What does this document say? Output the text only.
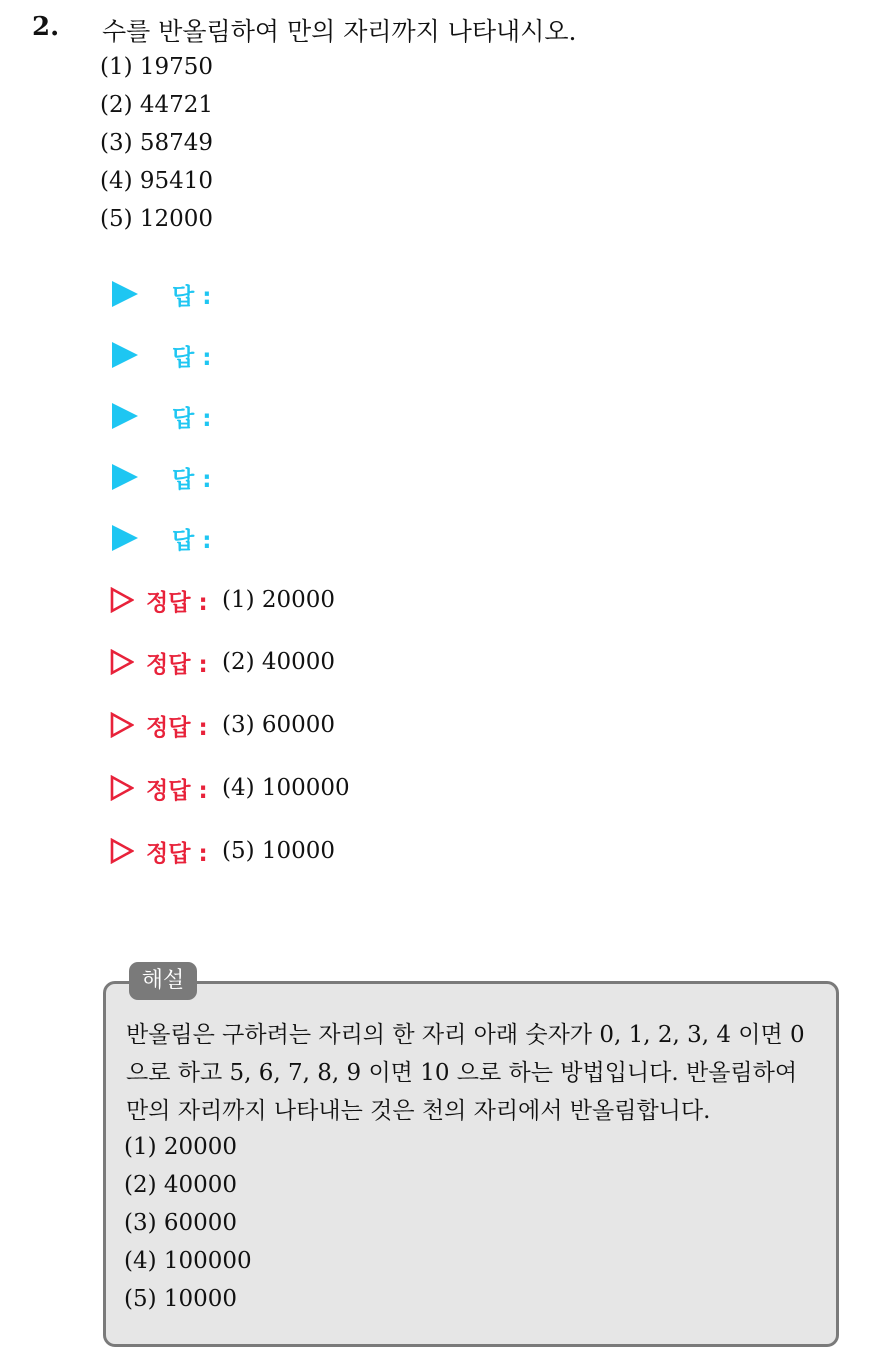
2. 수를 반올림하여 만의 자리까지 나타내시오.
(1) 19750
(2) 44721
(3) 58749
(4) 95410
(5) 12000
답 :
답 :
답 :
답 :
답 :
정답 : (1) 20000
정답 : (2) 40000
정답 : (3) 60000
정답 : (4) 100000
정답 : (5) 10000
해설
반올림은 구하려는 자리의 한 자리 아래 숫자가 0, 1, 2, 3, 4 이면 0
으로 하고 5, 6, 7, 8, 9 이면 10 으로 하는 방법입니다. 반올림하여
만의 자리까지 나타내는 것은 천의 자리에서 반올림합니다.
(1) 20000
(2) 40000
(3) 60000
(4) 100000
(5) 10000
